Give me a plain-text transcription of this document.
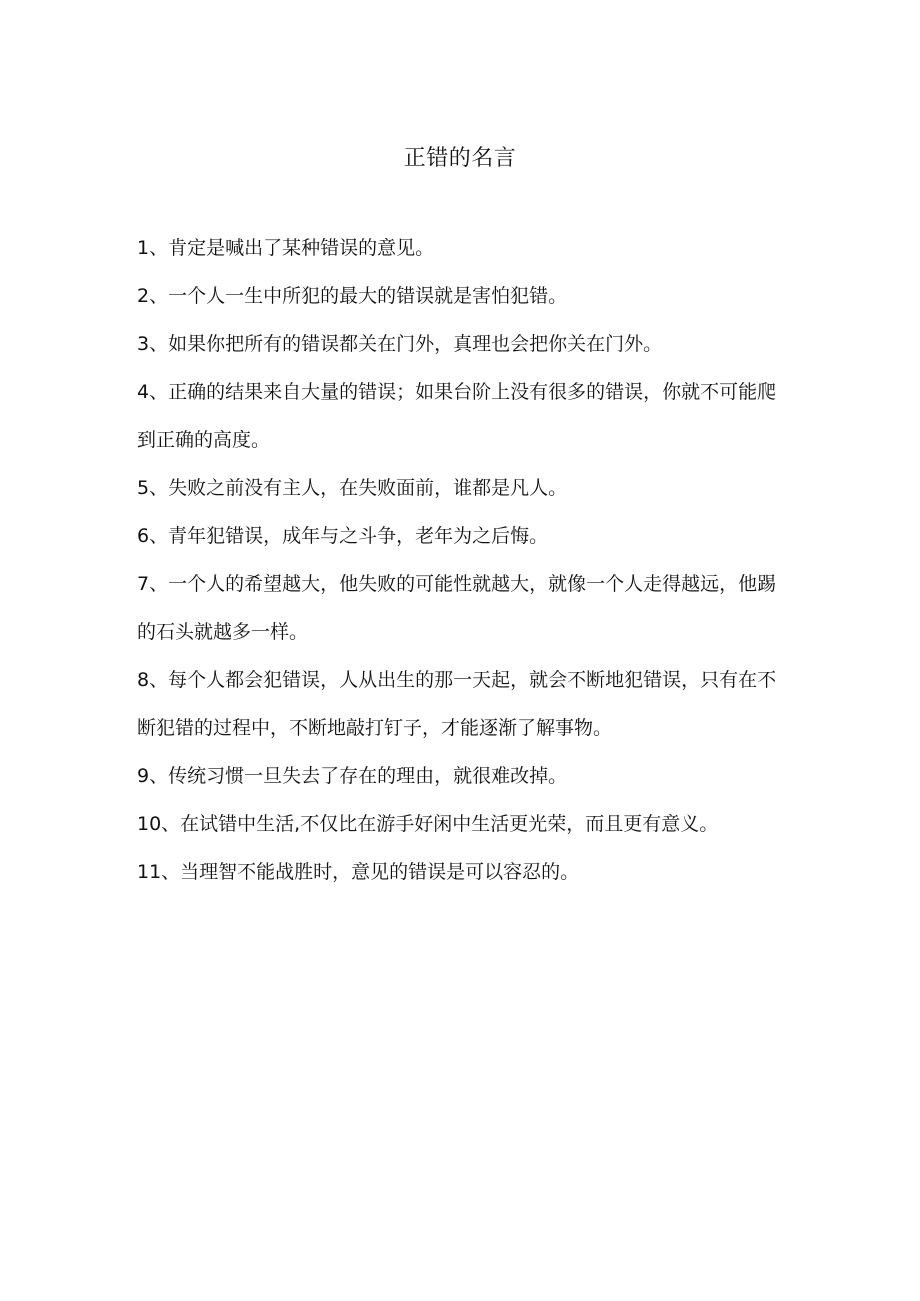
正错的名言
1、肯定是喊出了某种错误的意见。
2、一个人一生中所犯的最大的错误就是害怕犯错。
3、如果你把所有的错误都关在门外，真理也会把你关在门外。
4、正确的结果来自大量的错误；如果台阶上没有很多的错误，你就不可能爬到正确的高度。
5、失败之前没有主人，在失败面前，谁都是凡人。
6、青年犯错误，成年与之斗争，老年为之后悔。
7、一个人的希望越大，他失败的可能性就越大，就像一个人走得越远，他踢的石头就越多一样。
8、每个人都会犯错误，人从出生的那一天起，就会不断地犯错误，只有在不断犯错的过程中，不断地敲打钉子，才能逐渐了解事物。
9、传统习惯一旦失去了存在的理由，就很难改掉。
10、在试错中生活,不仅比在游手好闲中生活更光荣，而且更有意义。
11、当理智不能战胜时，意见的错误是可以容忍的。
